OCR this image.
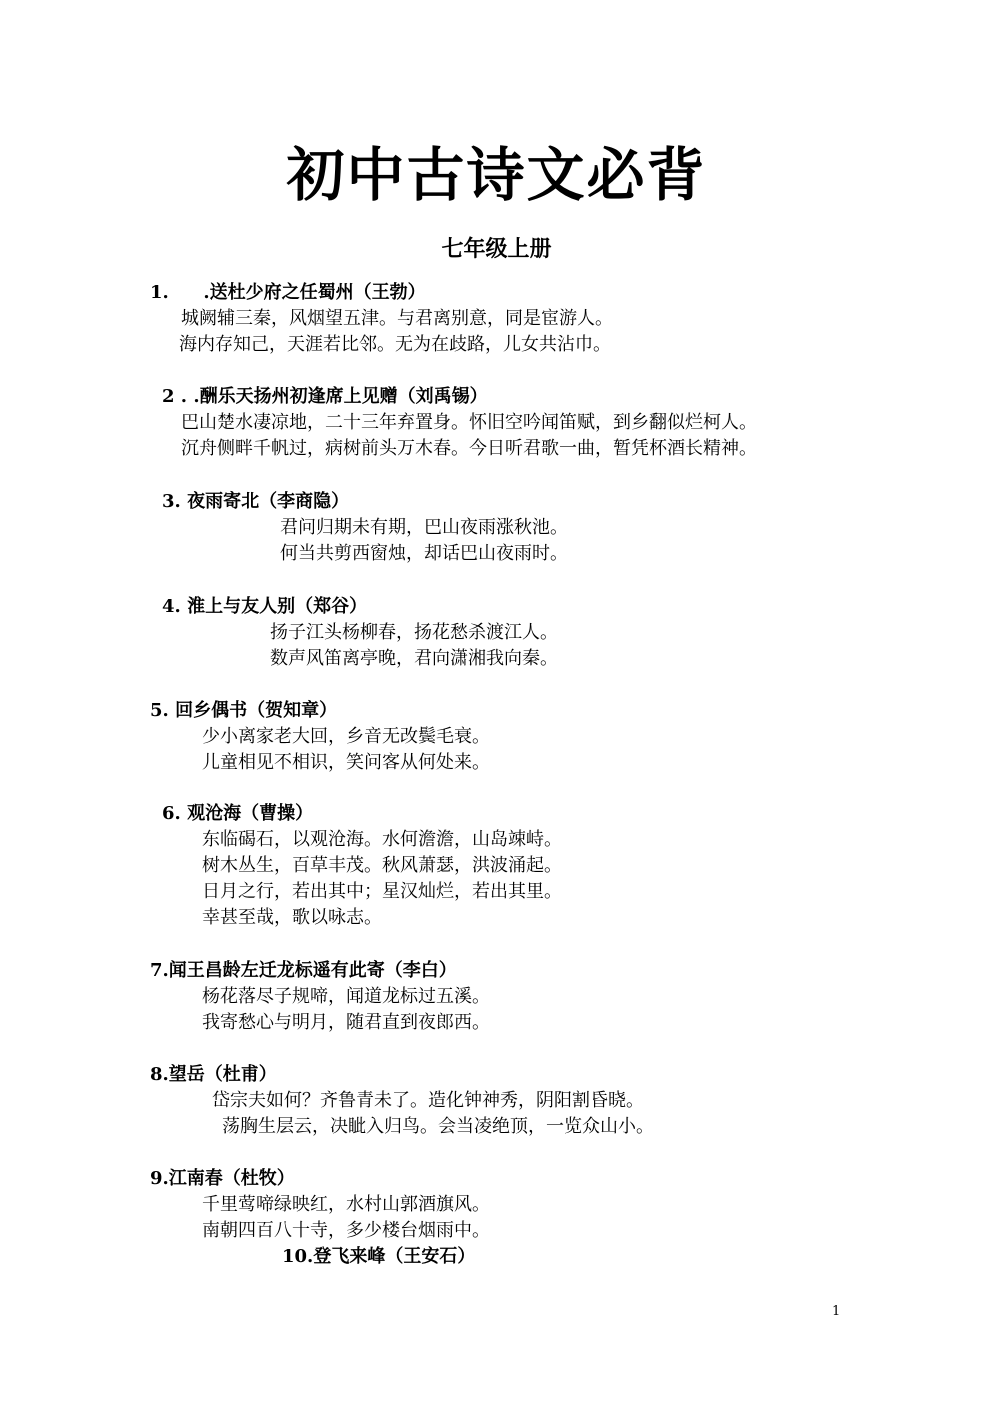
初中古诗文必背
七年级上册
1. .送杜少府之任蜀州（王勃）
城阙辅三秦，风烟望五津。与君离别意，同是宦游人。
海内存知己，天涯若比邻。无为在歧路，儿女共沾巾。
2 . .酬乐天扬州初逢席上见赠（刘禹锡）
巴山楚水凄凉地，二十三年弃置身。怀旧空吟闻笛赋，到乡翻似烂柯人。
沉舟侧畔千帆过，病树前头万木春。今日听君歌一曲，暂凭杯酒长精神。
3. 夜雨寄北（李商隐）
君问归期未有期，巴山夜雨涨秋池。
何当共剪西窗烛，却话巴山夜雨时。
4. 淮上与友人别（郑谷）
扬子江头杨柳春，扬花愁杀渡江人。
数声风笛离亭晚，君向潇湘我向秦。
5. 回乡偶书（贺知章）
少小离家老大回，乡音无改鬓毛衰。
儿童相见不相识，笑问客从何处来。
6. 观沧海（曹操）
东临碣石，以观沧海。水何澹澹，山岛竦峙。
树木丛生，百草丰茂。秋风萧瑟，洪波涌起。
日月之行，若出其中；星汉灿烂，若出其里。
幸甚至哉，歌以咏志。
7.闻王昌龄左迁龙标遥有此寄（李白）
杨花落尽子规啼，闻道龙标过五溪。
我寄愁心与明月，随君直到夜郎西。
8.望岳（杜甫）
岱宗夫如何？齐鲁青未了。造化钟神秀，阴阳割昏晓。
荡胸生层云，决眦入归鸟。会当凌绝顶，一览众山小。
9.江南春（杜牧）
千里莺啼绿映红，水村山郭酒旗风。
南朝四百八十寺，多少楼台烟雨中。
10.登飞来峰（王安石）
1
